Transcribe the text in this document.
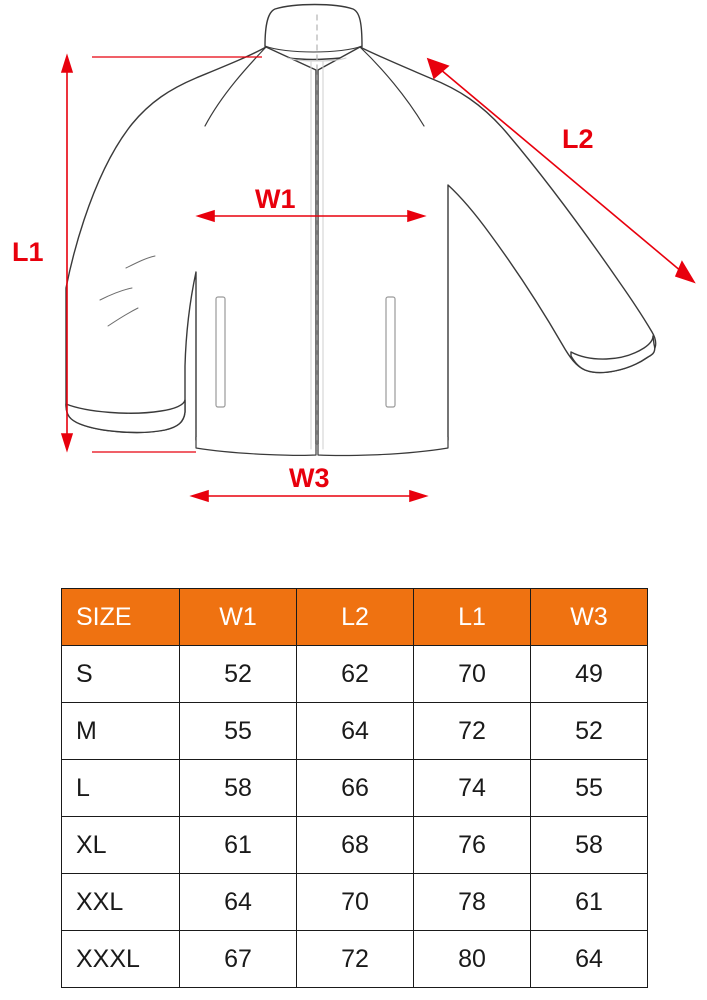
L1
L2
W1
W3
SIZE	W1	L2	L1	W3
S	52	62	70	49
M	55	64	72	52
L	58	66	74	55
XL	61	68	76	58
XXL	64	70	78	61
XXXL	67	72	80	64
